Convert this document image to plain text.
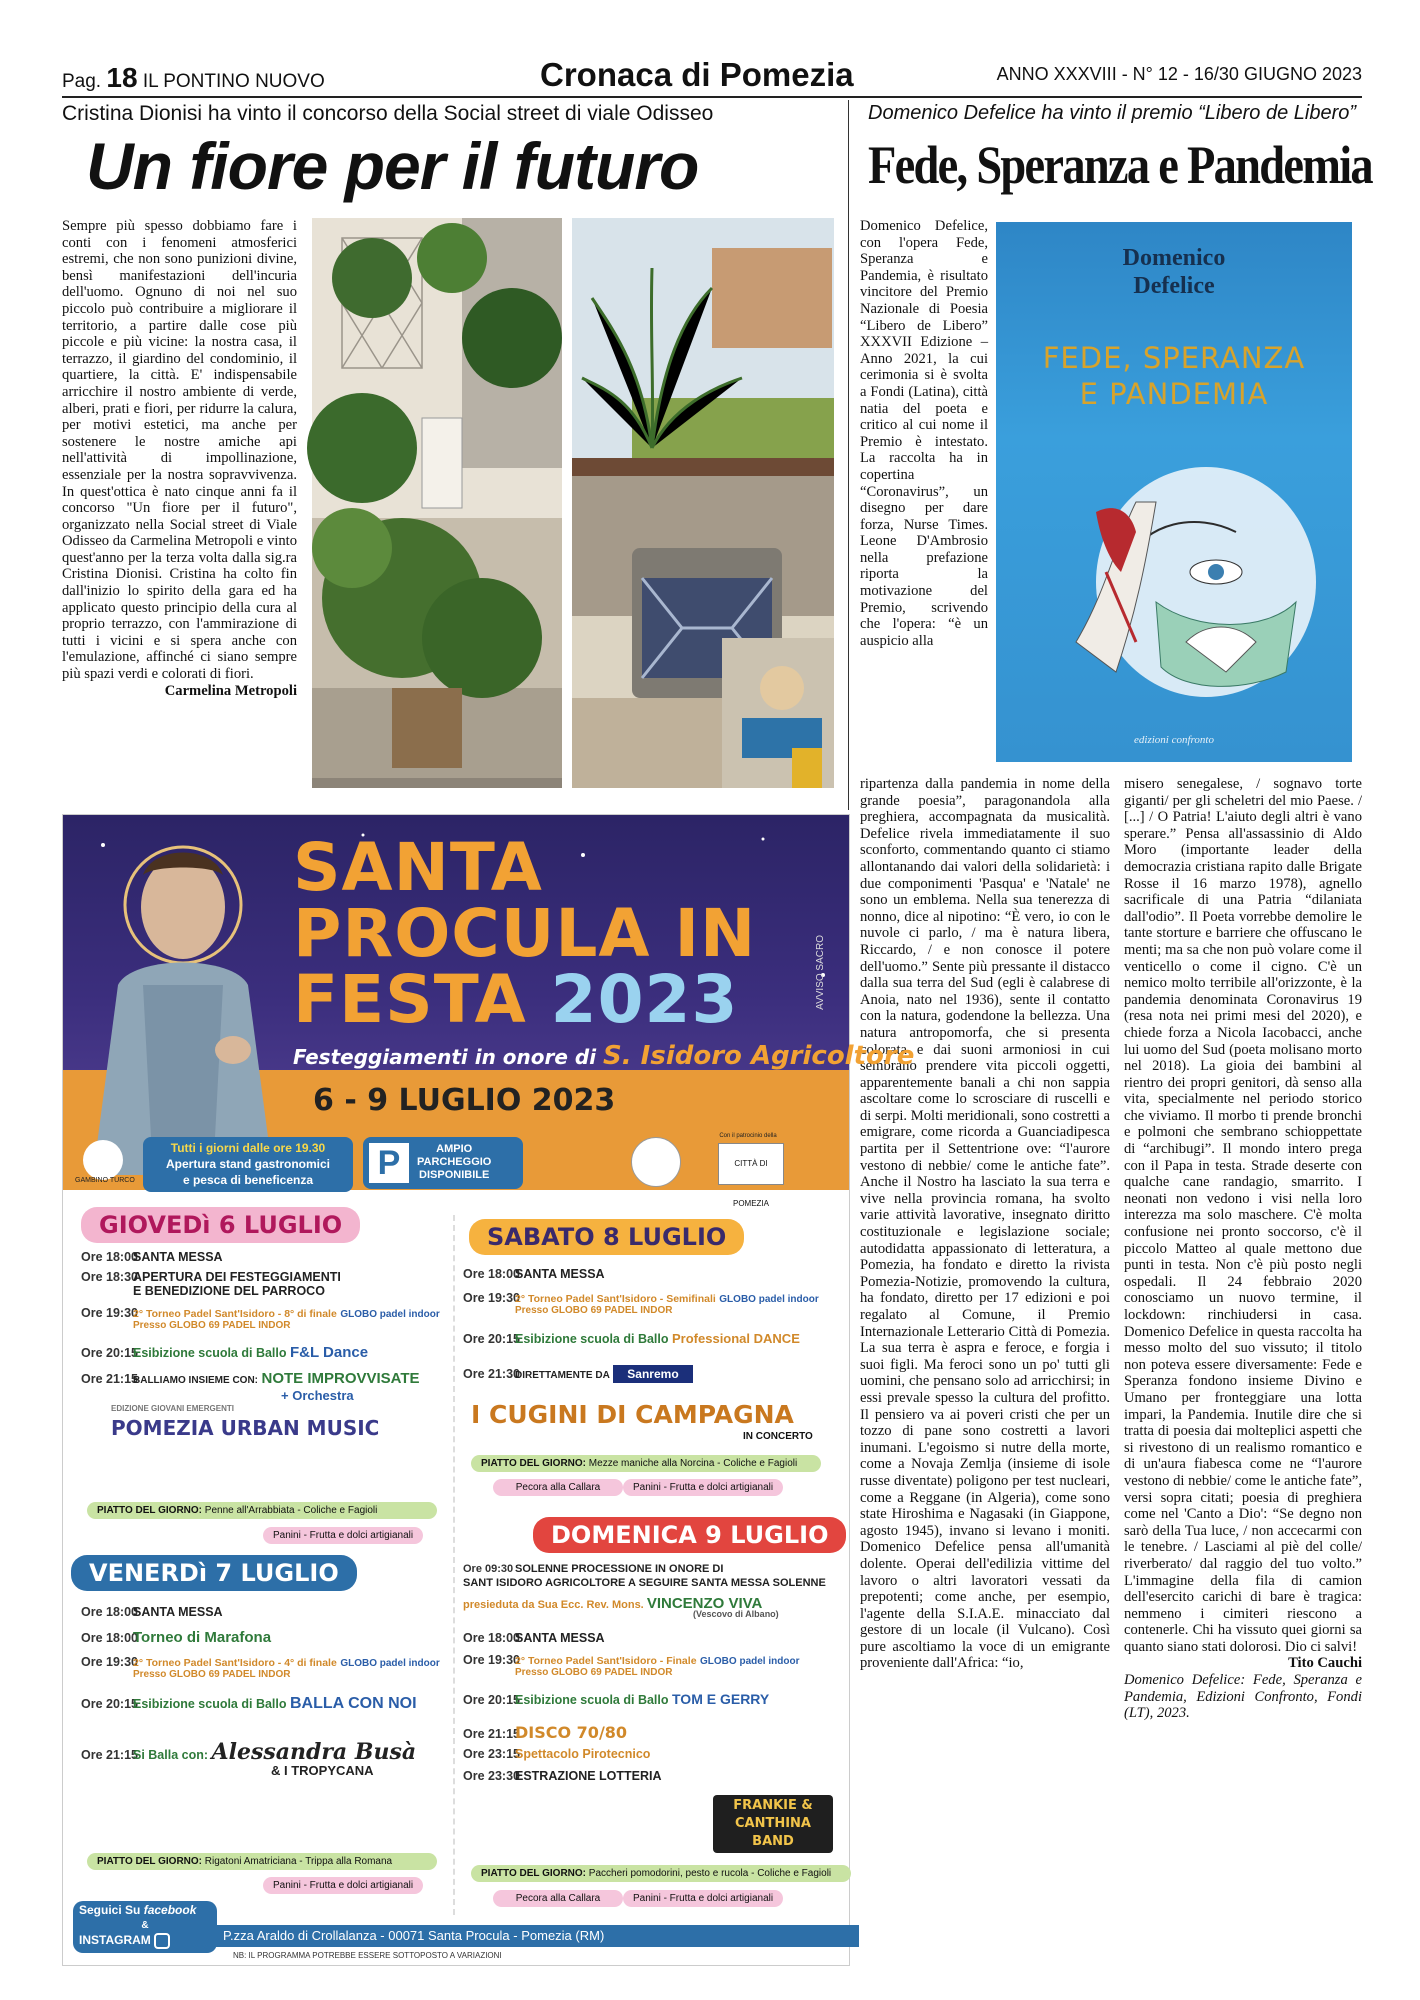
Pag. 18 IL PONTINO NUOVO	Cronaca di Pomezia	ANNO XXXVIII - N° 12 - 16/30 GIUGNO 2023
Cristina Dionisi ha vinto il concorso della Social street di viale Odisseo
Un fiore per il futuro

Sempre più spesso dobbiamo fare i conti con i fenomeni atmosferici estremi, che non sono punizioni divine, bensì manifestazioni dell'incuria dell'uomo. Ognuno di noi nel suo piccolo può contribuire a migliorare il territorio, a partire dalle cose più piccole e più vicine: la nostra casa, il terrazzo, il giardino del condominio, il quartiere, la città. E' indispensabile arricchire il nostro ambiente di verde, alberi, prati e fiori, per ridurre la calura, per motivi estetici, ma anche per sostenere le nostre amiche api nell'attività di impollinazione, essenziale per la nostra sopravvivenza. In quest'ottica è nato cinque anni fa il concorso "Un fiore per il futuro", organizzato nella Social street di Viale Odisseo da Carmelina Metropoli e vinto quest'anno per la terza volta dalla sig.ra Cristina Dionisi. Cristina ha colto fin dall'inizio lo spirito della gara ed ha applicato questo principio della cura al proprio terrazzo, con l'ammirazione di tutti i vicini e si spera anche con l'emulazione, affinché ci siano sempre più spazi verdi e colorati di fiori.

Carmelina Metropoli
Domenico Defelice ha vinto il premio “Libero de Libero”
Fede, Speranza e Pandemia

Domenico Defelice, con l'opera Fede, Speranza e Pandemia, è risultato vincitore del Premio Nazionale di Poesia “Libero de Libero” XXXVII Edizione – Anno 2021, la cui cerimonia si è svolta a Fondi (Latina), città natia del poeta e critico al cui nome il Premio è intestato. La raccolta ha in copertina “Coronavirus”, un disegno per dare forza, Nurse Times. Leone D'Ambrosio nella prefazione riporta la motivazione del Premio, scrivendo che l'opera: “è un auspicio alla

Domenico
Defelice
FEDE, SPERANZA
E PANDEMIA
edizioni confronto

ripartenza dalla pandemia in nome della grande poesia”, paragonandola alla preghiera, accompagnata da musicalità. Defelice rivela immediatamente il suo sconforto, commentando quanto ci stiamo allontanando dai valori della solidarietà: i due componimenti 'Pasqua' e 'Natale' ne sono un emblema. Nella sua tenerezza di nonno, dice al nipotino: “È vero, io con le nuvole ci parlo, / ma è natura libera, Riccardo, / e non conosce il potere dell'uomo.” Sente più pressante il distacco dalla sua terra del Sud (egli è calabrese di Anoia, nato nel 1936), sente il contatto con la natura, godendone la bellezza. Una natura antropomorfa, che si presenta colorata e dai suoni armoniosi in cui sembrano prendere vita piccoli oggetti, apparentemente banali a chi non sappia ascoltare come lo scrosciare di ruscelli e di serpi. Molti meridionali, sono costretti a emigrare, come ricorda a Guanciadipesca partita per il Settentrione ove: “l'aurore vestono di nebbie/ come le antiche fate”. Anche il Nostro ha lasciato la sua terra e vive nella provincia romana, ha svolto varie attività lavorative, insegnato diritto costituzionale e legislazione sociale; autodidatta appassionato di letteratura, a Pomezia, ha fondato e diretto la rivista Pomezia-Notizie, promovendo la cultura, ha fondato, diretto per 17 edizioni e poi regalato al Comune, il Premio Internazionale Letterario Città di Pomezia. La sua terra è aspra e feroce, e forgia i suoi figli. Ma feroci sono un po' tutti gli uomini, che pensano solo ad arricchirsi; in essi prevale spesso la cultura del profitto. Il pensiero va ai poveri cristi che per un tozzo di pane sono costretti a lavori inumani. L'egoismo si nutre della morte, come a Novaja Zemlja (insieme di isole russe diventate) poligono per test nucleari, come a Reggane (in Algeria), come sono state Hiroshima e Nagasaki (in Giappone, agosto 1945), invano si levano i moniti. Domenico Defelice pensa all'umanità dolente. Operai dell'edilizia vittime del lavoro o altri lavoratori vessati da prepotenti; come anche, per esempio, l'agente della S.I.A.E. minacciato dal gestore di un locale (il Vulcano). Così pure ascoltiamo la voce di un emigrante proveniente dall'Africa: “io,

misero senegalese, / sognavo torte giganti/ per gli scheletri del mio Paese. / [...] / O Patria! L'aiuto degli altri è vano sperare.” Pensa all'assassinio di Aldo Moro (importante leader della democrazia cristiana rapito dalle Brigate Rosse il 16 marzo 1978), agnello sacrificale di una Patria “dilaniata dall'odio”. Il Poeta vorrebbe demolire le tante storture e barriere che offuscano le menti; ma sa che non può volare come il venticello o come il cigno. C'è un nemico molto terribile all'orizzonte, è la pandemia denominata Coronavirus 19 (resa nota nei primi mesi del 2020), e chiede forza a Nicola Iacobacci, anche lui uomo del Sud (poeta molisano morto nel 2018). La gioia dei bambini al rientro dei propri genitori, dà senso alla vita, specialmente nel periodo storico che viviamo. Il morbo ti prende bronchi e polmoni che sembrano schioppettate di “archibugi”. Il mondo intero prega con il Papa in testa. Strade deserte con qualche cane randagio, smarrito. I neonati non vedono i visi nella loro interezza ma solo maschere. C'è molta confusione nei pronto soccorso, c'è il piccolo Matteo al quale mettono due punti in testa. Non c'è più posto negli ospedali. Il 24 febbraio 2020 conosciamo un nuovo termine, il lockdown: rinchiudersi in casa. Domenico Defelice in questa raccolta ha messo molto del suo vissuto; il titolo non poteva essere diversamente: Fede e Speranza fondono insieme Divino e Umano per fronteggiare una lotta impari, la Pandemia. Inutile dire che si tratta di poesia dai molteplici aspetti che si rivestono di un realismo romantico e di un'aura fiabesca come ne “l'aurore vestono di nebbie/ come le antiche fate”, versi sopra citati; poesia di preghiera come nel 'Canto a Dio': “Se degno non sarò della Tua luce, / non accecarmi con le tenebre. / Lasciami al piè del colle/ riverberato/ dal raggio del tuo volto.” L'immagine della fila di camion dell'esercito carichi di bare è tragica: nemmeno i cimiteri riescono a contenerle. Chi ha vissuto quei giorni sa quanto siano stati dolorosi. Dio ci salvi!

Tito Cauchi

Domenico Defelice: Fede, Speranza e Pandemia, Edizioni Confronto, Fondi (LT), 2023.

SANTA
PROCULA IN
FESTA 2023	AVVISO SACRO
Festeggiamenti in onore di S. Isidoro Agricoltore
6 - 9 LUGLIO 2023
GAMBINO TURCO
Tutti i giorni dalle ore 19.30
Apertura stand gastronomici
e pesca di beneficenza	P	AMPIO
PARCHEGGIO
DISPONIBILE
Con il patrocinio della
CITTÀ DI POMEZIA
GIOVEDì 6 LUGLIO
Ore 18:00SANTA MESSA
Ore 18:30APERTURA DEI FESTEGGIAMENTI
E BENEDIZIONE DEL PARROCO
Ore 19:302° Torneo Padel Sant'Isidoro - 8° di finale GLOBO padel indoor
Presso GLOBO 69 PADEL INDOR
Ore 20:15Esibizione scuola di Ballo F&L Dance
Ore 21:15BALLIAMO INSIEME CON: NOTE IMPROVVISATE
+ Orchestra
EDIZIONE GIOVANI EMERGENTI
POMEZIA URBAN MUSIC
PIATTO DEL GIORNO: Penne all'Arrabbiata - Coliche e Fagioli
Panini - Frutta e dolci artigianali
VENERDì 7 LUGLIO
Ore 18:00SANTA MESSA
Ore 18:00Torneo di Marafona
Ore 19:302° Torneo Padel Sant'Isidoro - 4° di finale GLOBO padel indoor
Presso GLOBO 69 PADEL INDOR
Ore 20:15Esibizione scuola di Ballo BALLA CON NOI
Ore 21:15Si Balla con: Alessandra Busà
& I TROPYCANA
PIATTO DEL GIORNO: Rigatoni Amatriciana - Trippa alla Romana
Panini - Frutta e dolci artigianali
SABATO 8 LUGLIO
Ore 18:00SANTA MESSA
Ore 19:302° Torneo Padel Sant'Isidoro - Semifinali GLOBO padel indoor
Presso GLOBO 69 PADEL INDOR
Ore 20:15Esibizione scuola di Ballo Professional DANCE
Ore 21:30DIRETTAMENTE DA Sanremo
I CUGINI DI CAMPAGNA
IN CONCERTO
PIATTO DEL GIORNO: Mezze maniche alla Norcina - Coliche e Fagioli
Pecora alla Callara	Panini - Frutta e dolci artigianali
DOMENICA 9 LUGLIO
Ore 09:30 SOLENNE PROCESSIONE IN ONORE DI
SANT ISIDORO AGRICOLTORE A SEGUIRE SANTA MESSA SOLENNE
presieduta da Sua Ecc. Rev. Mons. VINCENZO VIVA
(Vescovo di Albano)
Ore 18:00SANTA MESSA
Ore 19:302° Torneo Padel Sant'Isidoro - Finale GLOBO padel indoor
Presso GLOBO 69 PADEL INDOR
Ore 20:15Esibizione scuola di Ballo TOM E GERRY
Ore 21:15DISCO 70/80
Ore 23:15Spettacolo Pirotecnico
Ore 23:30ESTRAZIONE LOTTERIA
FRANKIE & CANTHINA BAND
PIATTO DEL GIORNO: Paccheri pomodorini, pesto e rucola - Coliche e Fagioli
Pecora alla Callara	Panini - Frutta e dolci artigianali
Seguici Su facebook
&
INSTAGRAM	P.zza Araldo di Crollalanza - 00071 Santa Procula - Pomezia (RM)
NB: IL PROGRAMMA POTREBBE ESSERE SOTTOPOSTO A VARIAZIONI
